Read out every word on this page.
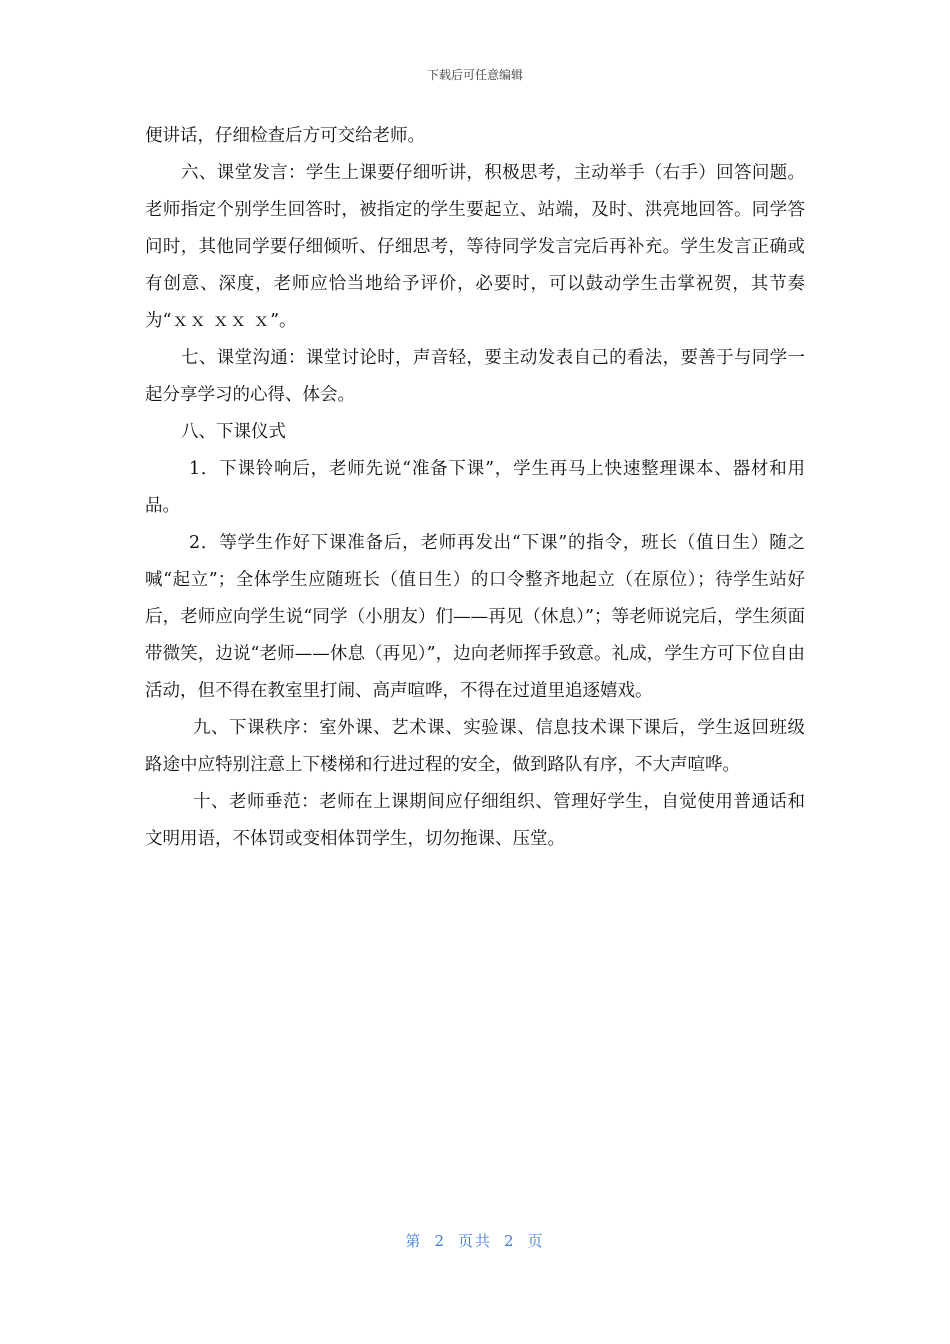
下载后可任意编辑

便讲话，仔细检查后方可交给老师。

六、课堂发言：学生上课要仔细听讲，积极思考，主动举手（右手）回答问题。老师指定个别学生回答时，被指定的学生要起立、站端，及时、洪亮地回答。同学答问时，其他同学要仔细倾听、仔细思考，等待同学发言完后再补充。学生发言正确或有创意、深度，老师应恰当地给予评价，必要时，可以鼓动学生击掌祝贺，其节奏为“ｘｘ ｘｘ ｘ”。

七、课堂沟通：课堂讨论时，声音轻，要主动发表自己的看法，要善于与同学一起分享学习的心得、体会。

八、下课仪式

1．下课铃响后，老师先说“准备下课”，学生再马上快速整理课本、器材和用品。

2．等学生作好下课准备后，老师再发出“下课”的指令，班长（值日生）随之喊“起立”；全体学生应随班长（值日生）的口令整齐地起立（在原位）；待学生站好后，老师应向学生说“同学（小朋友）们——再见（休息）”；等老师说完后，学生须面带微笑，边说“老师——休息（再见）”，边向老师挥手致意。礼成，学生方可下位自由活动，但不得在教室里打闹、高声喧哗，不得在过道里追逐嬉戏。

九、下课秩序：室外课、艺术课、实验课、信息技术课下课后，学生返回班级路途中应特别注意上下楼梯和行进过程的安全，做到路队有序，不大声喧哗。

十、老师垂范：老师在上课期间应仔细组织、管理好学生，自觉使用普通话和文明用语，不体罚或变相体罚学生，切勿拖课、压堂。

第 2 页共 2 页
